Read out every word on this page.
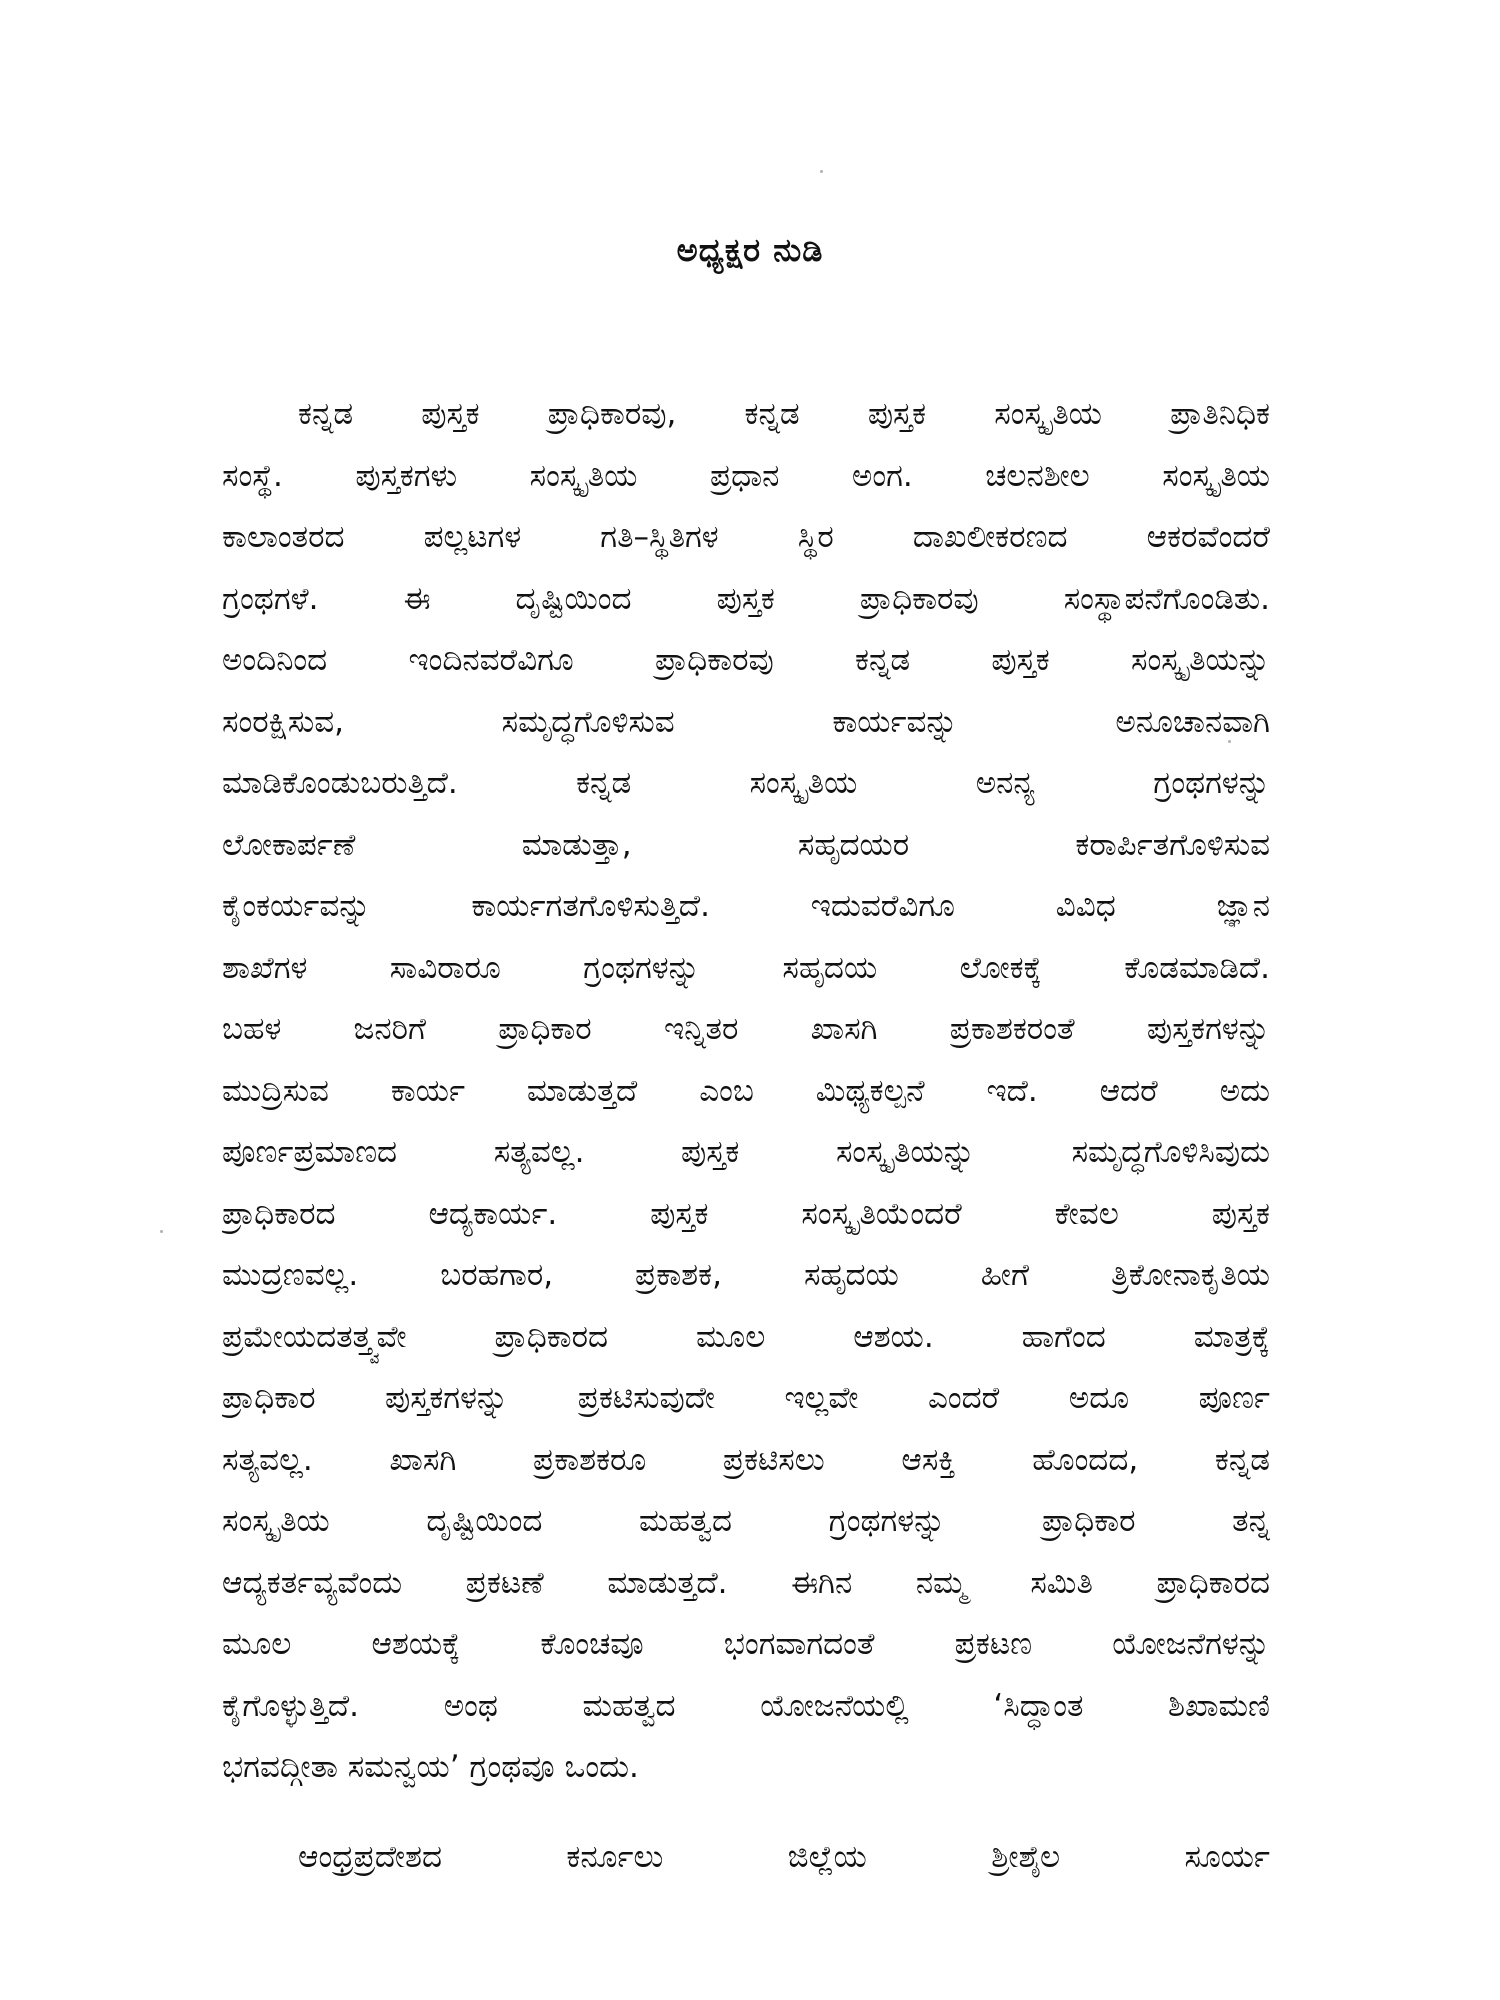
ಅಧ್ಯಕ್ಷರ ನುಡಿ
ಕನ್ನಡ ಪುಸ್ತಕ ಪ್ರಾಧಿಕಾರವು, ಕನ್ನಡ ಪುಸ್ತಕ ಸಂಸ್ಕೃತಿಯ ಪ್ರಾತಿನಿಧಿಕ
ಸಂಸ್ಥೆ. ಪುಸ್ತಕಗಳು ಸಂಸ್ಕೃತಿಯ ಪ್ರಧಾನ ಅಂಗ. ಚಲನಶೀಲ ಸಂಸ್ಕೃತಿಯ
ಕಾಲಾಂತರದ ಪಲ್ಲಟಗಳ ಗತಿ–ಸ್ಥಿತಿಗಳ ಸ್ಥಿರ ದಾಖಲೀಕರಣದ ಆಕರವೆಂದರೆ
ಗ್ರಂಥಗಳೆ. ಈ ದೃಷ್ಟಿಯಿಂದ ಪುಸ್ತಕ ಪ್ರಾಧಿಕಾರವು ಸಂಸ್ಥಾಪನೆಗೊಂಡಿತು.
ಅಂದಿನಿಂದ ಇಂದಿನವರೆವಿಗೂ ಪ್ರಾಧಿಕಾರವು ಕನ್ನಡ ಪುಸ್ತಕ ಸಂಸ್ಕೃತಿಯನ್ನು
ಸಂರಕ್ಷಿಸುವ, ಸಮೃದ್ಧಗೊಳಿಸುವ ಕಾರ್ಯವನ್ನು ಅನೂಚಾನವಾಗಿ
ಮಾಡಿಕೊಂಡುಬರುತ್ತಿದೆ. ಕನ್ನಡ ಸಂಸ್ಕೃತಿಯ ಅನನ್ಯ ಗ್ರಂಥಗಳನ್ನು
ಲೋಕಾರ್ಪಣೆ ಮಾಡುತ್ತಾ, ಸಹೃದಯರ ಕರಾರ್ಪಿತಗೊಳಿಸುವ
ಕೈಂಕರ್ಯವನ್ನು ಕಾರ್ಯಗತಗೊಳಿಸುತ್ತಿದೆ. ಇದುವರೆವಿಗೂ ವಿವಿಧ ಜ್ಞಾನ
ಶಾಖೆಗಳ ಸಾವಿರಾರೂ ಗ್ರಂಥಗಳನ್ನು ಸಹೃದಯ ಲೋಕಕ್ಕೆ ಕೊಡಮಾಡಿದೆ.
ಬಹಳ ಜನರಿಗೆ ಪ್ರಾಧಿಕಾರ ಇನ್ನಿತರ ಖಾಸಗಿ ಪ್ರಕಾಶಕರಂತೆ ಪುಸ್ತಕಗಳನ್ನು
ಮುದ್ರಿಸುವ ಕಾರ್ಯ ಮಾಡುತ್ತದೆ ಎಂಬ ಮಿಥ್ಯಕಲ್ಪನೆ ಇದೆ. ಆದರೆ ಅದು
ಪೂರ್ಣಪ್ರಮಾಣದ ಸತ್ಯವಲ್ಲ. ಪುಸ್ತಕ ಸಂಸ್ಕೃತಿಯನ್ನು ಸಮೃದ್ಧಗೊಳಿಸಿವುದು
ಪ್ರಾಧಿಕಾರದ ಆದ್ಯಕಾರ್ಯ. ಪುಸ್ತಕ ಸಂಸ್ಕೃತಿಯೆಂದರೆ ಕೇವಲ ಪುಸ್ತಕ
ಮುದ್ರಣವಲ್ಲ. ಬರಹಗಾರ, ಪ್ರಕಾಶಕ, ಸಹೃದಯ ಹೀಗೆ ತ್ರಿಕೋನಾಕೃತಿಯ
ಪ್ರಮೇಯದತತ್ತ್ವವೇ ಪ್ರಾಧಿಕಾರದ ಮೂಲ ಆಶಯ. ಹಾಗೆಂದ ಮಾತ್ರಕ್ಕೆ
ಪ್ರಾಧಿಕಾರ ಪುಸ್ತಕಗಳನ್ನು ಪ್ರಕಟಿಸುವುದೇ ಇಲ್ಲವೇ ಎಂದರೆ ಅದೂ ಪೂರ್ಣ
ಸತ್ಯವಲ್ಲ. ಖಾಸಗಿ ಪ್ರಕಾಶಕರೂ ಪ್ರಕಟಿಸಲು ಆಸಕ್ತಿ ಹೊಂದದ, ಕನ್ನಡ
ಸಂಸ್ಕೃತಿಯ ದೃಷ್ಟಿಯಿಂದ ಮಹತ್ವದ ಗ್ರಂಥಗಳನ್ನು ಪ್ರಾಧಿಕಾರ ತನ್ನ
ಆದ್ಯಕರ್ತವ್ಯವೆಂದು ಪ್ರಕಟಣೆ ಮಾಡುತ್ತದೆ. ಈಗಿನ ನಮ್ಮ ಸಮಿತಿ ಪ್ರಾಧಿಕಾರದ
ಮೂಲ ಆಶಯಕ್ಕೆ ಕೊಂಚವೂ ಭಂಗವಾಗದಂತೆ ಪ್ರಕಟಣ ಯೋಜನೆಗಳನ್ನು
ಕೈಗೊಳ್ಳುತ್ತಿದೆ. ಅಂಥ ಮಹತ್ವದ ಯೋಜನೆಯಲ್ಲಿ ‘ಸಿದ್ಧಾಂತ ಶಿಖಾಮಣಿ
ಭಗವದ್ಗೀತಾ ಸಮನ್ವಯ’ ಗ್ರಂಥವೂ ಒಂದು.
ಆಂಧ್ರಪ್ರದೇಶದ ಕರ್ನೂಲು ಜಿಲ್ಲೆಯ ಶ್ರೀಶೈಲ ಸೂರ್ಯ
